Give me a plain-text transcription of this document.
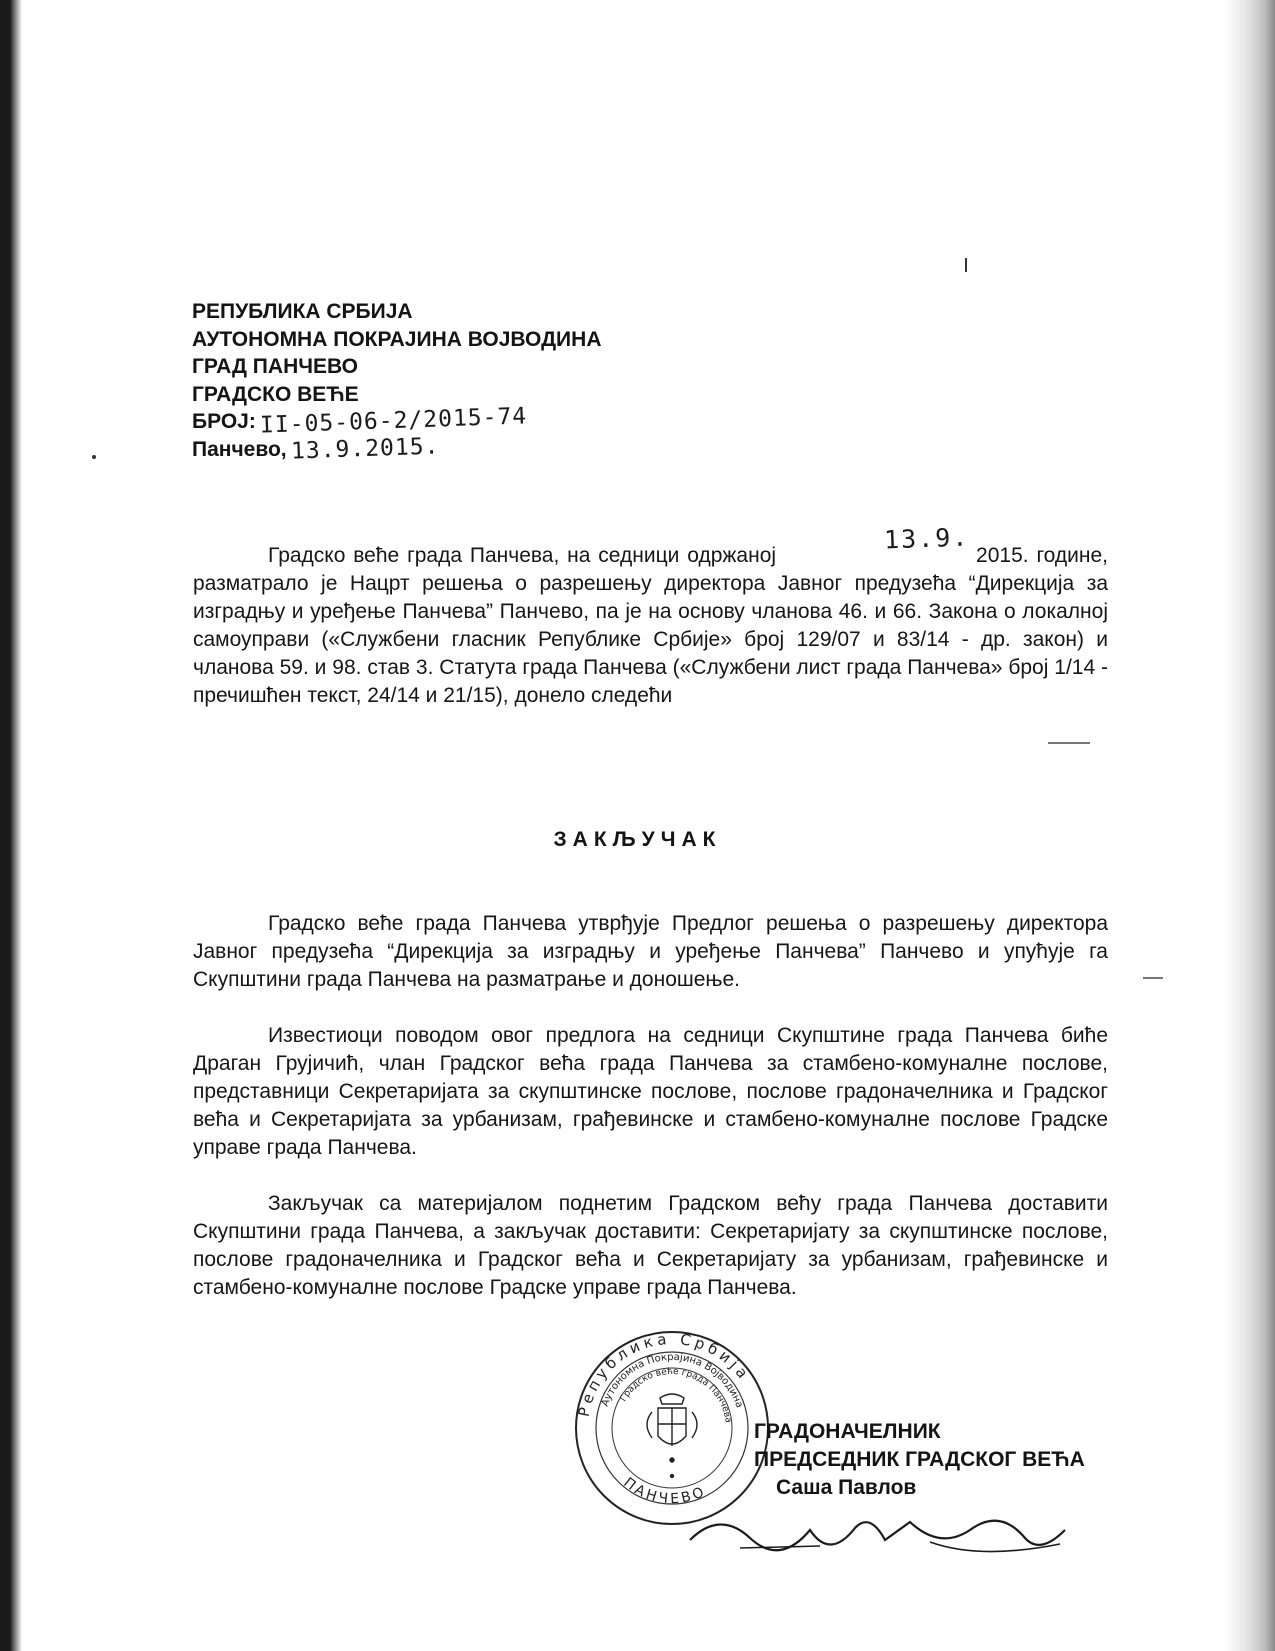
РЕПУБЛИКА СРБИЈА
АУТОНОМНА ПОКРАЈИНА ВОЈВОДИНА
ГРАД ПАНЧЕВО
ГРАДСКО ВЕЋЕ
БРОЈ: II-05-06-2/2015-74
Панчево, 13.9.2015.
13.9.
Градско веће града Панчева, на седници одржаној	2015. године, разматрало је Нацрт решења о разрешењу директора Јавног предузећа “Дирекција за изградњу и уређење Панчева” Панчево, па је на основу чланова 46. и 66. Закона о локалној самоуправи («Службени гласник Републике Србије» број 129/07 и 83/14 - др. закон) и чланова 59. и 98. став 3. Статута града Панчева («Службени лист града Панчева» број 1/14 - пречишћен текст, 24/14 и 21/15), донело следећи
ЗАКЉУЧАК

Градско веће града Панчева утврђује Предлог решења о разрешењу директора Јавног предузећа “Дирекција за изградњу и уређење Панчева” Панчево и упућује га Скупштини града Панчева на разматрање и доношење.

Известиоци поводом овог предлога на седници Скупштине града Панчева биће Драган Грујичић, члан Градског већа града Панчева за стамбено-комуналне послове, представници Секретаријата за скупштинске послове, послове градоначелника и Градског већа и Секретаријата за урбанизам, грађевинске и стамбено-комуналне послове Градске управе града Панчева.

Закључак са материјалом поднетим Градском већу града Панчева доставити Скупштини града Панчева, а закључак доставити: Секретаријату за скупштинске послове, послове градоначелника и Градског већа и Секретаријату за урбанизам, грађевинске и стамбено-комуналне послове Градске управе града Панчева.

Република Србија
Аутономна Покрајина Војводина
Градско веће града Панчева
ПАНЧЕВО
ГРАДОНАЧЕЛНИК
ПРЕДСЕДНИК ГРАДСКОГ ВЕЋА
Саша Павлов
